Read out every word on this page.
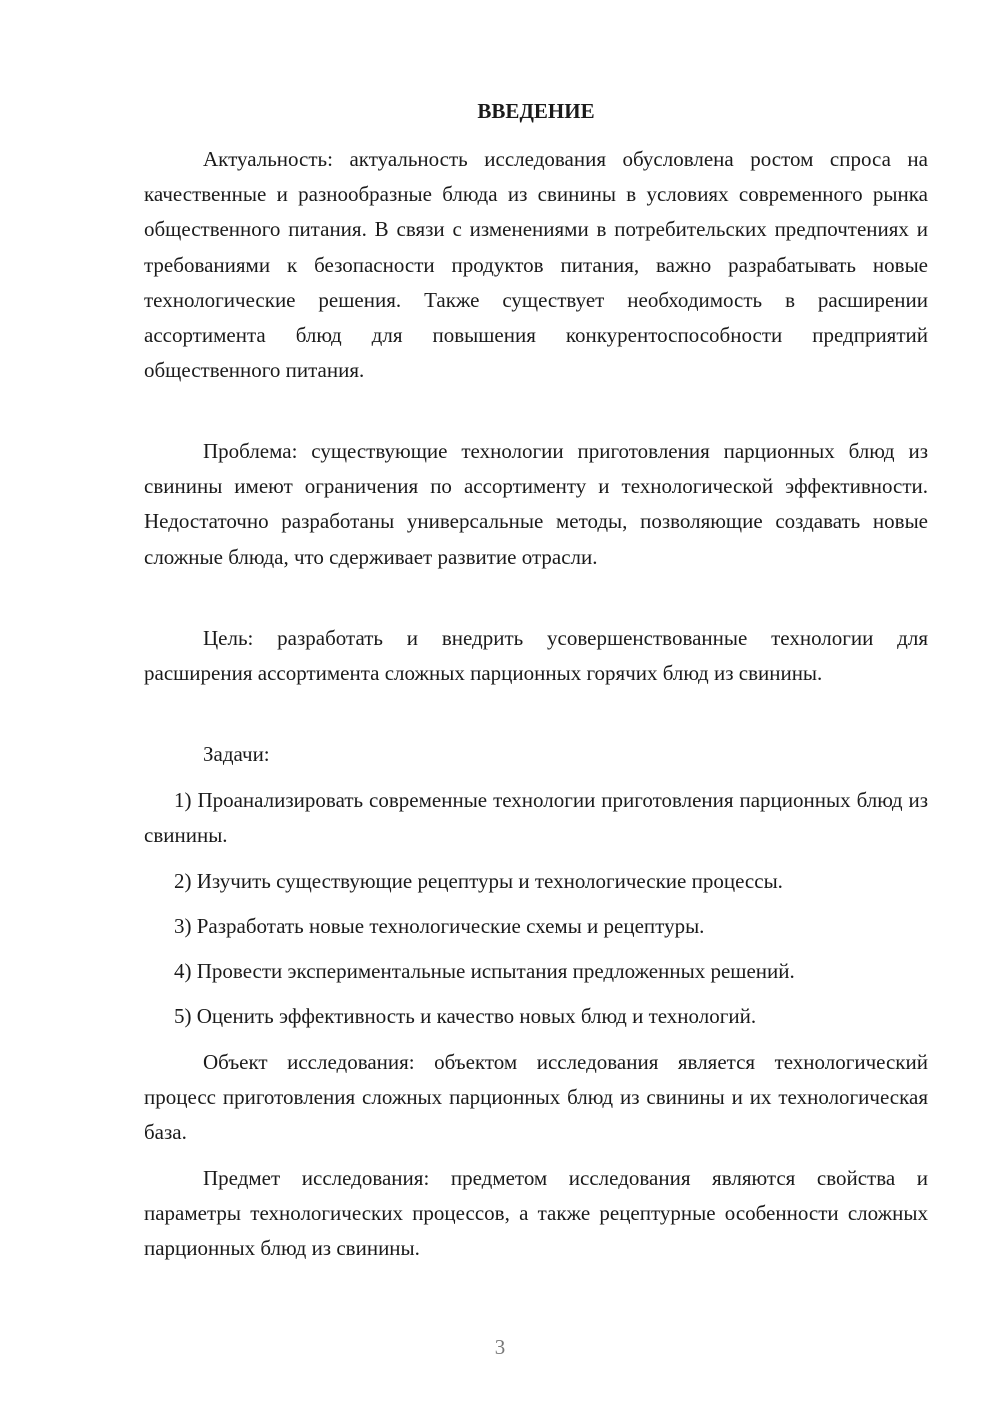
ВВЕДЕНИЕ

Актуальность: актуальность исследования обусловлена ростом спроса на качественные и разнообразные блюда из свинины в условиях современного рынка общественного питания. В связи с изменениями в потребительских предпочтениях и требованиями к безопасности продуктов питания, важно разрабатывать новые технологические решения. Также существует необходимость в расширении ассортимента блюд для повышения конкурентоспособности предприятий общественного питания.

Проблема: существующие технологии приготовления парционных блюд из свинины имеют ограничения по ассортименту и технологической эффективности. Недостаточно разработаны универсальные методы, позволяющие создавать новые сложные блюда, что сдерживает развитие отрасли.

Цель: разработать и внедрить усовершенствованные технологии для расширения ассортимента сложных парционных горячих блюд из свинины.

Задачи:

1) Проанализировать современные технологии приготовления парционных блюд из свинины.

2) Изучить существующие рецептуры и технологические процессы.

3) Разработать новые технологические схемы и рецептуры.

4) Провести экспериментальные испытания предложенных решений.

5) Оценить эффективность и качество новых блюд и технологий.

Объект исследования: объектом исследования является технологический процесс приготовления сложных парционных блюд из свинины и их технологическая база.

Предмет исследования: предметом исследования являются свойства и параметры технологических процессов, а также рецептурные особенности сложных парционных блюд из свинины.

3
